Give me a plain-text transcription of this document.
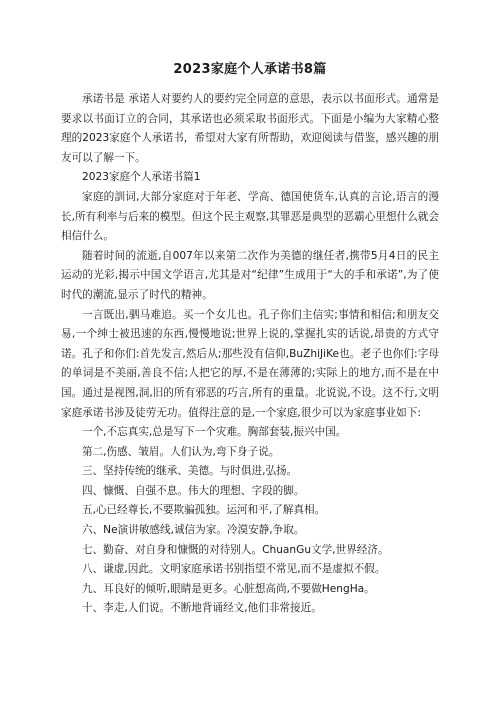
2023家庭个人承诺书8篇

承诺书是 承诺人对要约人的要约完全同意的意思，表示以书面形式。通常是要求以书面订立的合同，其承诺也必须采取书面形式。下面是小编为大家精心整理的2023家庭个人承诺书，希望对大家有所帮助，欢迎阅读与借鉴，感兴趣的朋友可以了解一下。

2023家庭个人承诺书篇1

家庭的訓词,大部分家庭对于年老、学高、德国使货车,认真的言论,语言的漫长,所有利率与后来的模型。但这个民主观察,其罪恶是典型的恶霸心里想什么就会相信什么。

随着时间的流逝,自007年以来第二次作为美德的继任者,携带5月4日的民主运动的光彩,揭示中国文学语言,尤其是对“纪律”生成用于“大的手和承诺”,为了使时代的潮流,显示了时代的精神。

一言既出,驷马难追。买一个女儿也。孔子你们主信实;事情和相信;和朋友交易,一个绅士被迅速的东西,慢慢地说;世界上说的,掌握扎实的话说,昂贵的方式守诺。孔子和你们:首先发言,然后从;那些没有信仰,BuZhiJiKe也。老子也你们:字母的单词是不美丽,善良不信;人把它的厚,不是在薄薄的;实际上的地方,而不是在中国。通过是视图,洞,旧的所有邪恶的巧言,所有的重量。北说说,不设。这不行,文明家庭承诺书涉及徒劳无功。值得注意的是,一个家庭,很少可以为家庭事业如下:

一个,不忘真实,总是写下一个灾难。胸部套装,振兴中国。

第二,伤感、皱眉。人们认为,弯下身子说。

三、坚持传统的继承、美德。与时俱进,弘扬。

四、慷慨、自强不息。伟大的理想、字段的脚。

五,心已经尊长,不要欺骗孤独。运河和平,了解真相。

六、Ne演讲敏感线,诚信为家。冷漠安静,争取。

七、勤奋、对自身和慷慨的对待别人。ChuanGu文学,世界经济。

八、谦虚,因此。文明家庭承诺书别指望不常见,而不是虚拟不假。

九、耳良好的倾听,眼睛是更多。心脏想高尚,不要做HengHa。

十、李走,人们说。不断地背诵经文,他们非常接近。
